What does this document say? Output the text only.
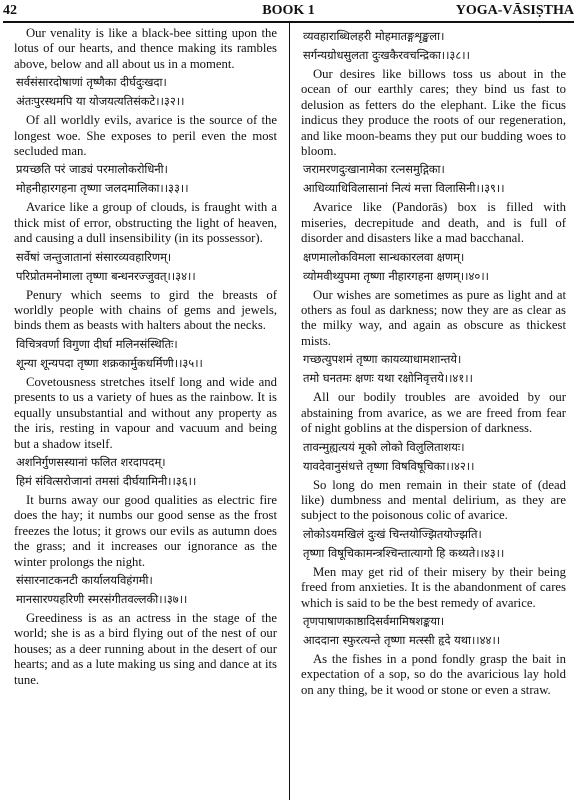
42	BOOK 1	YOGA-VĀSIṢTHA
Our venality is like a black-bee sitting upon the lotus of our hearts, and thence making its rambles above, below and all about us in a moment.
सर्वसंसारदोषाणां तृष्णैका दीर्घदुःखदा।
अंतःपुरस्थमपि या योजयत्यतिसंकटे।।३२।।
Of all worldly evils, avarice is the source of the longest woe. She exposes to peril even the most secluded man.
प्रयच्छति परं जाड्यं परमालोकरोधिनी।
मोहनीहारगहना तृष्णा जलदमालिका।।३३।।
Avarice like a group of clouds, is fraught with a thick mist of error, obstructing the light of heaven, and causing a dull insensibility (in its possessor).
सर्वेषां जन्तुजातानां संसारव्यवहारिणम्।
परिप्रोतमनोमाला तृष्णा बन्धनरज्जुवत्।।३४।।
Penury which seems to gird the breasts of worldly people with chains of gems and jewels, binds them as beasts with halters about the necks.
विचित्रवर्णा विगुणा दीर्घा मलिनसंस्थितिः।
शून्या शून्यपदा तृष्णा शक्रकार्मुकधर्मिणी।।३५।।
Covetousness stretches itself long and wide and presents to us a variety of hues as the rainbow. It is equally unsubstantial and without any property as the iris, resting in vapour and vacuum and being but a shadow itself.
अशनिर्गुणसस्यानां फलित शरदापदम्।
हिमं संवित्सरोजानां तमसां दीर्घयामिनी।।३६।।
It burns away our good qualities as electric fire does the hay; it numbs our good sense as the frost freezes the lotus; it grows our evils as autumn does the grass; and it increases our ignorance as the winter prolongs the night.
संसारनाटकनटी कार्यालयविहंगमी।
मानसारण्यहरिणी स्मरसंगीतवल्लकी।।३७।।
Greediness is as an actress in the stage of the world; she is as a bird flying out of the nest of our houses; as a deer running about in the desert of our hearts; and as a lute making us sing and dance at its tune.
व्यवहाराब्धिलहरी मोहमातङ्गशृङ्खला।
सर्गन्यग्रोधसुलता दुःखकैरवचन्द्रिका।।३८।।
Our desires like billows toss us about in the ocean of our earthly cares; they bind us fast to delusion as fetters do the elephant. Like the ficus indicus they produce the roots of our regeneration, and like moon-beams they put our budding woes to bloom.
जरामरणदुःखानामेका रत्नसमुद्गिका।
आधिव्याधिविलासानां नित्यं मत्ता विलासिनी।।३९।।
Avarice like (Pandorās) box is filled with miseries, decrepitude and death, and is full of disorder and disasters like a mad bacchanal.
क्षणमालोकविमला सान्धकारलवा क्षणम्।
व्योमवीथ्युपमा तृष्णा नीहारगहना क्षणम्।।४०।।
Our wishes are sometimes as pure as light and at others as foul as darkness; now they are as clear as the milky way, and again as obscure as thickest mists.
गच्छत्युपशमं तृष्णा कायव्याधामशान्तये।
तमो घनतमः क्षणः यथा रक्षोनिवृत्तये।।४१।।
All our bodily troubles are avoided by our abstaining from avarice, as we are freed from fear of night goblins at the dispersion of darkness.
तावन्मुह्यत्ययं मूको लोको विलुलिताशयः।
यावदेवानुसंधत्ते तृष्णा विषविषूचिका।।४२।।
So long do men remain in their state of (dead like) dumbness and mental delirium, as they are subject to the poisonous colic of avarice.
लोकोऽयमखिलं दुःखं चिन्तयोज्झितयोज्झति।
तृष्णा विषूचिकामन्त्रश्चिन्तात्यागो हि कथ्यते।।४३।।
Men may get rid of their misery by their being freed from anxieties. It is the abandonment of cares which is said to be the best remedy of avarice.
तृणपाषाणकाष्ठादिसर्वमामिषशङ्कया।
आददाना स्फुरत्यन्ते तृष्णा मत्स्सी हृदे यथा।।४४।।
As the fishes in a pond fondly grasp the bait in expectation of a sop, so do the avaricious lay hold on any thing, be it wood or stone or even a straw.
